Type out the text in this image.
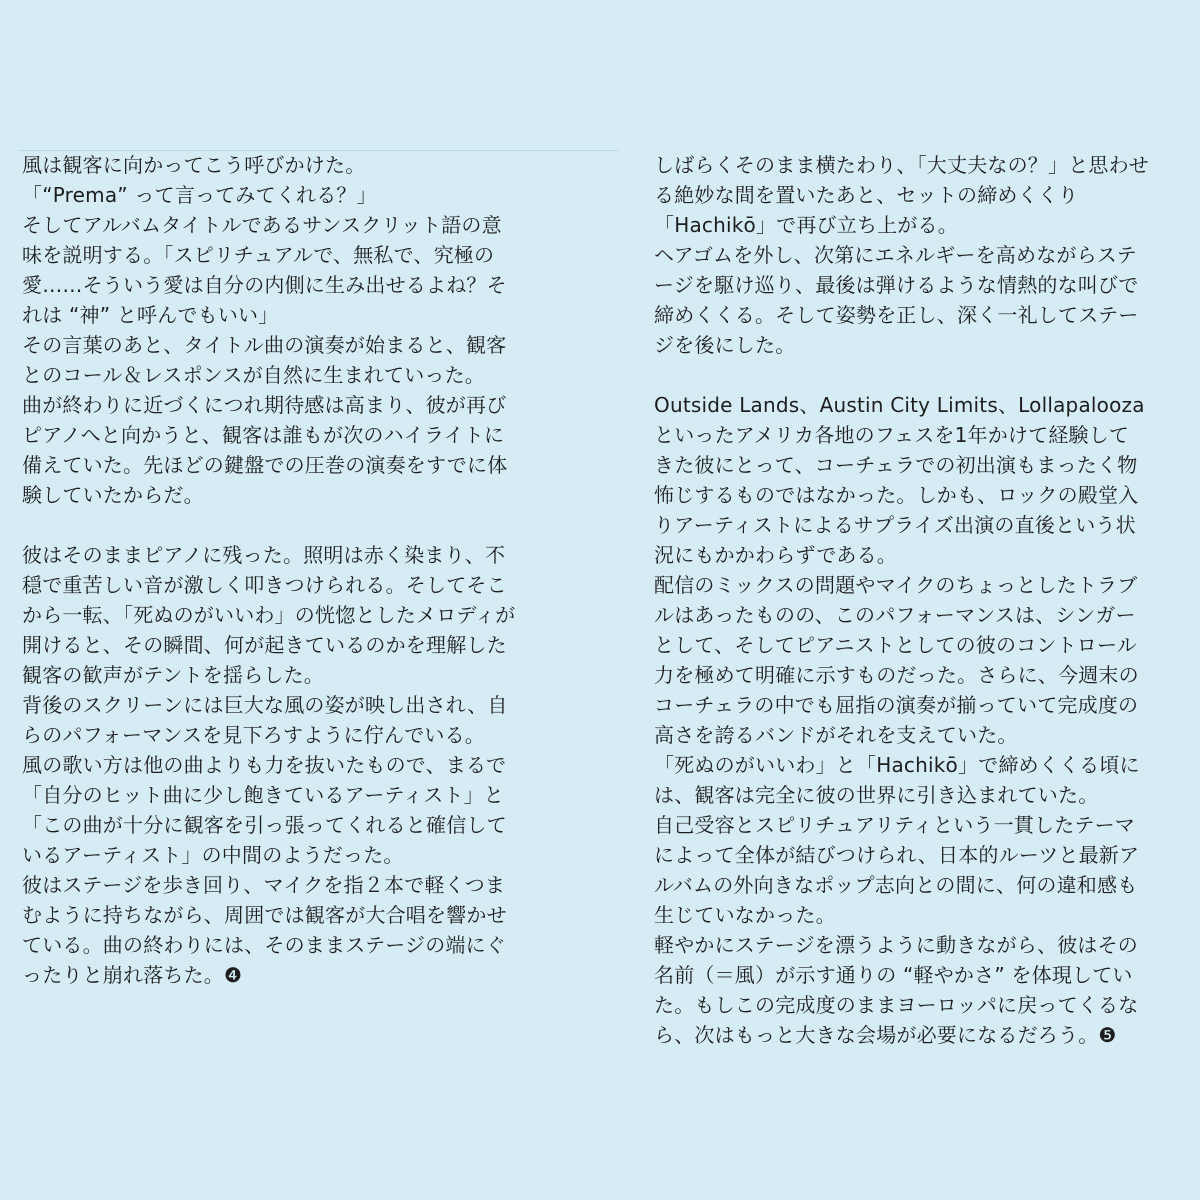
風は観客に向かってこう呼びかけた。
「“Prema” って言ってみてくれる？」
そしてアルバムタイトルであるサンスクリット語の意
味を説明する。「スピリチュアルで、無私で、究極の
愛……そういう愛は自分の内側に生み出せるよね？そ
れは “神” と呼んでもいい」
その言葉のあと、タイトル曲の演奏が始まると、観客
とのコール＆レスポンスが自然に生まれていった。
曲が終わりに近づくにつれ期待感は高まり、彼が再び
ピアノへと向かうと、観客は誰もが次のハイライトに
備えていた。先ほどの鍵盤での圧巻の演奏をすでに体
験していたからだ。
彼はそのままピアノに残った。照明は赤く染まり、不
穏で重苦しい音が激しく叩きつけられる。そしてそこ
から一転、「死ぬのがいいわ」の恍惚としたメロディが
開けると、その瞬間、何が起きているのかを理解した
観客の歓声がテントを揺らした。
背後のスクリーンには巨大な風の姿が映し出され、自
らのパフォーマンスを見下ろすように佇んでいる。
風の歌い方は他の曲よりも力を抜いたもので、まるで
「自分のヒット曲に少し飽きているアーティスト」と
「この曲が十分に観客を引っ張ってくれると確信して
いるアーティスト」の中間のようだった。
彼はステージを歩き回り、マイクを指２本で軽くつま
むように持ちながら、周囲では観客が大合唱を響かせ
ている。曲の終わりには、そのままステージの端にぐ
ったりと崩れ落ちた。❹
しばらくそのまま横たわり、「大丈夫なの？」と思わせ
る絶妙な間を置いたあと、セットの締めくくり
「Hachikō」で再び立ち上がる。
ヘアゴムを外し、次第にエネルギーを高めながらステ
ージを駆け巡り、最後は弾けるような情熱的な叫びで
締めくくる。そして姿勢を正し、深く一礼してステー
ジを後にした。
Outside Lands、Austin City Limits、Lollapalooza
といったアメリカ各地のフェスを1年かけて経験して
きた彼にとって、コーチェラでの初出演もまったく物
怖じするものではなかった。しかも、ロックの殿堂入
りアーティストによるサプライズ出演の直後という状
況にもかかわらずである。
配信のミックスの問題やマイクのちょっとしたトラブ
ルはあったものの、このパフォーマンスは、シンガー
として、そしてピアニストとしての彼のコントロール
力を極めて明確に示すものだった。さらに、今週末の
コーチェラの中でも屈指の演奏が揃っていて完成度の
高さを誇るバンドがそれを支えていた。
「死ぬのがいいわ」と「Hachikō」で締めくくる頃に
は、観客は完全に彼の世界に引き込まれていた。
自己受容とスピリチュアリティという一貫したテーマ
によって全体が結びつけられ、日本的ルーツと最新ア
ルバムの外向きなポップ志向との間に、何の違和感も
生じていなかった。
軽やかにステージを漂うように動きながら、彼はその
名前（＝風）が示す通りの “軽やかさ” を体現してい
た。もしこの完成度のままヨーロッパに戻ってくるな
ら、次はもっと大きな会場が必要になるだろう。❺
